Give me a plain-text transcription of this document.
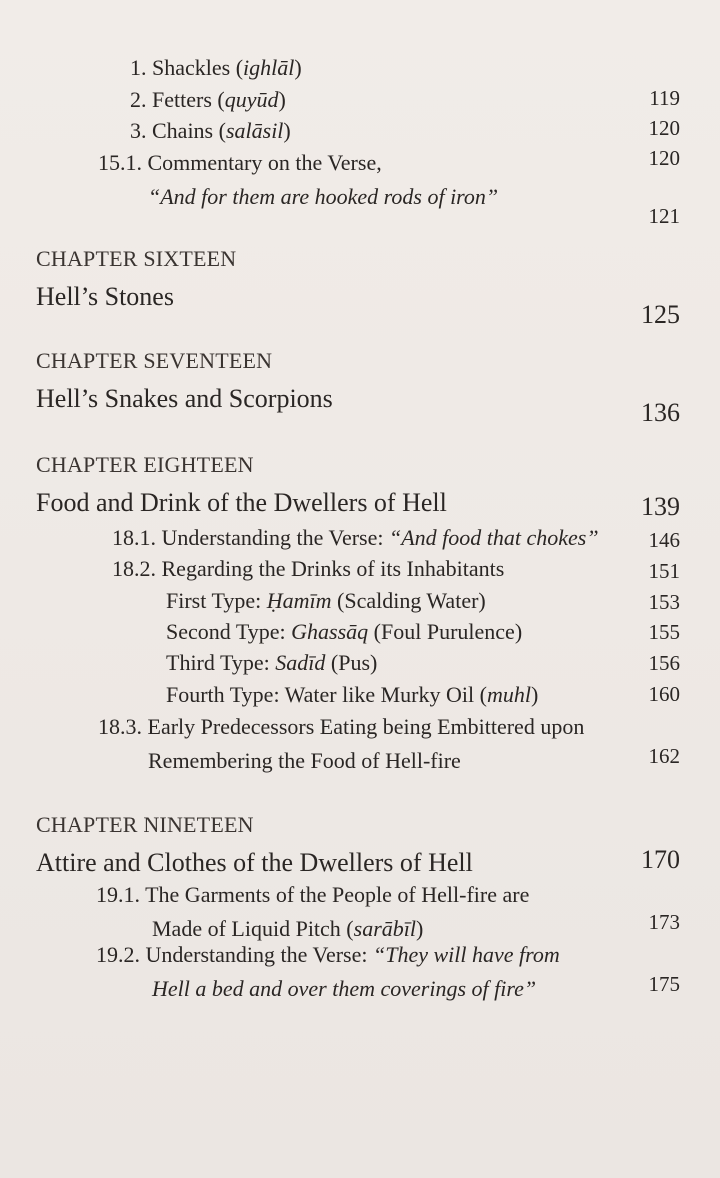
1. Shackles (ighlāl)
2. Fetters (quyūd)	119
3. Chains (salāsil)	120
15.1. Commentary on the Verse,	120
“And for them are hooked rods of iron”
121
CHAPTER SIXTEEN
Hell’s Stones
125
CHAPTER SEVENTEEN
Hell’s Snakes and Scorpions	136
CHAPTER EIGHTEEN
Food and Drink of the Dwellers of Hell	139
18.1. Understanding the Verse: “And food that chokes” 146
18.2. Regarding the Drinks of its Inhabitants	151
First Type: Ḥamīm (Scalding Water)	153
Second Type: Ghassāq (Foul Purulence)	155
Third Type: Sadīd (Pus)	156
Fourth Type: Water like Murky Oil (muhl)	160
18.3. Early Predecessors Eating being Embittered upon
Remembering the Food of Hell-fire	162
CHAPTER NINETEEN
Attire and Clothes of the Dwellers of Hell	170
19.1. The Garments of the People of Hell-fire are
Made of Liquid Pitch (sarābīl)	173
19.2. Understanding the Verse: “They will have from
Hell a bed and over them coverings of fire”	175
